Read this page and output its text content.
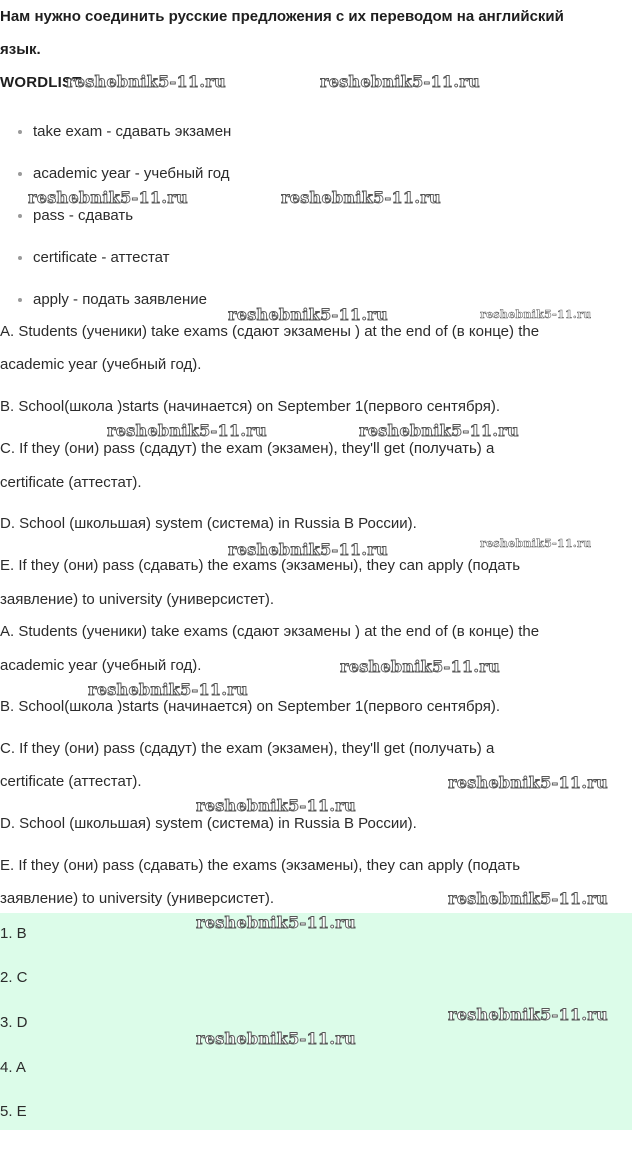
Нам нужно соединить русские предложения с их переводом на английский
язык.
WORDLIST
take exam - сдавать экзамен
academic year - учебный год
pass - сдавать
certificate - аттестат
apply - подать заявление
A. Students (ученики) take exams (сдают экзамены ) at the end of (в конце) the
academic year (учебный год).
B. School(школа )starts (начинается) on September 1(первого сентября).
C. If they (они) pass (сдадут) the exam (экзамен), they'll get (получать) a
certificate (аттестат).
D. School (школьшая) system (система) in Russia В России).
E. If they (они) pass (сдавать) the exams (экзамены), they can apply (подать
заявление) to university (универсистет).
A. Students (ученики) take exams (сдают экзамены ) at the end of (в конце) the
academic year (учебный год).
B. School(школа )starts (начинается) on September 1(первого сентября).
C. If they (они) pass (сдадут) the exam (экзамен), they'll get (получать) a
certificate (аттестат).
D. School (школьшая) system (система) in Russia В России).
E. If they (они) pass (сдавать) the exams (экзамены), they can apply (подать
заявление) to university (универсистет).
1. B
2. C
3. D
4. A
5. E
reshebnik5-11.ru	reshebnik5-11.ru
reshebnik5-11.ru	reshebnik5-11.ru
reshebnik5-11.ru	reshebnik5-11.ru
reshebnik5-11.ru	reshebnik5-11.ru
reshebnik5-11.ru	reshebnik5-11.ru
reshebnik5-11.ru
reshebnik5-11.ru
reshebnik5-11.ru
reshebnik5-11.ru
reshebnik5-11.ru
reshebnik5-11.ru
reshebnik5-11.ru
reshebnik5-11.ru
